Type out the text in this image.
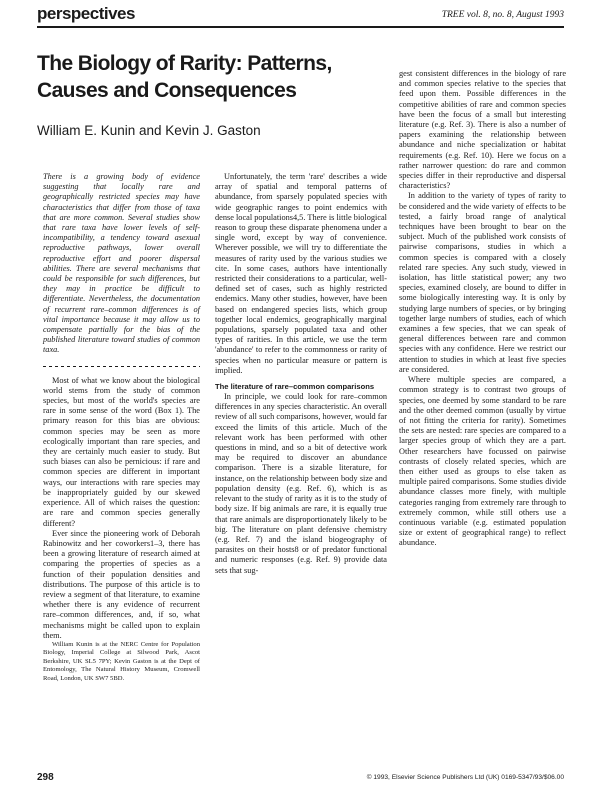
perspectives	TREE vol. 8, no. 8, August 1993
The Biology of Rarity: Patterns, Causes and Consequences
William E. Kunin and Kevin J. Gaston

There is a growing body of evidence suggesting that locally rare and geographically restricted species may have characteristics that differ from those of taxa that are more common. Several studies show that rare taxa have lower levels of self-incompatibility, a tendency toward asexual reproductive pathways, lower overall reproductive effort and poorer dispersal abilities. There are several mechanisms that could be responsible for such differences, but they may in practice be difficult to differentiate. Nevertheless, the documentation of recurrent rare–common differences is of vital importance because it may allow us to compensate partially for the bias of the published literature toward studies of common taxa.

Most of what we know about the biological world stems from the study of common species, but most of the world's species are rare in some sense of the word (Box 1). The primary reason for this bias are obvious: common species may be seen as more ecologically important than rare species, and they are certainly much easier to study. But such biases can also be pernicious: if rare and common species are different in important ways, our interactions with rare species may be inappropriately guided by our skewed experience. All of which raises the question: are rare and common species generally different?

Ever since the pioneering work of Deborah Rabinowitz and her coworkers1–3, there has been a growing literature of research aimed at comparing the properties of species as a function of their population densities and distributions. The purpose of this article is to review a segment of that literature, to examine whether there is any evidence of recurrent rare–common differences, and, if so, what mechanisms might be called upon to explain them.

William Kunin is at the NERC Centre for Population Biology, Imperial College at Silwood Park, Ascot Berkshire, UK SL5 7PY; Kevin Gaston is at the Dept of Entomology, The Natural History Museum, Cromwell Road, London, UK SW7 5BD.

Unfortunately, the term 'rare' describes a wide array of spatial and temporal patterns of abundance, from sparsely populated species with wide geographic ranges to point endemics with dense local populations4,5. There is little biological reason to group these disparate phenomena under a single word, except by way of convenience. Wherever possible, we will try to differentiate the measures of rarity used by the various studies we cite. In some cases, authors have intentionally restricted their considerations to a particular, well-defined set of cases, such as highly restricted endemics. Many other studies, however, have been based on endangered species lists, which group together local endemics, geographically marginal populations, sparsely populated taxa and other types of rarities. In this article, we use the term 'abundance' to refer to the commonness or rarity of species when no particular measure or pattern is implied.

The literature of rare–common comparisons

In principle, we could look for rare–common differences in any species characteristic. An overall review of all such comparisons, however, would far exceed the limits of this article. Much of the relevant work has been performed with other questions in mind, and so a bit of detective work may be required to discover an abundance comparison. There is a sizable literature, for instance, on the relationship between body size and population density (e.g. Ref. 6), which is as relevant to the study of rarity as it is to the study of body size. If big animals are rare, it is equally true that rare animals are disproportionately likely to be big. The literature on plant defensive chemistry (e.g. Ref. 7) and the island biogeography of parasites on their hosts8 or of predator functional and numeric responses (e.g. Ref. 9) provide data sets that sug-

gest consistent differences in the biology of rare and common species relative to the species that feed upon them. Possible differences in the competitive abilities of rare and common species have been the focus of a small but interesting literature (e.g. Ref. 3). There is also a number of papers examining the relationship between abundance and niche specialization or habitat requirements (e.g. Ref. 10). Here we focus on a rather narrower question: do rare and common species differ in their reproductive and dispersal characteristics?

In addition to the variety of types of rarity to be considered and the wide variety of effects to be tested, a fairly broad range of analytical techniques have been brought to bear on the subject. Much of the published work consists of pairwise comparisons, studies in which a common species is compared with a closely related rare species. Any such study, viewed in isolation, has little statistical power; any two species, examined closely, are bound to differ in some biologically interesting way. It is only by studying large numbers of species, or by bringing together large numbers of studies, each of which examines a few species, that we can speak of general differences between rare and common species with any confidence. Here we restrict our attention to studies in which at least five species are considered.

Where multiple species are compared, a common strategy is to contrast two groups of species, one deemed by some standard to be rare and the other deemed common (usually by virtue of not fitting the criteria for rarity). Sometimes the sets are nested: rare species are compared to a larger species group of which they are a part. Other researchers have focussed on pairwise contrasts of closely related species, which are then either used as groups to else taken as multiple paired comparisons. Some studies divide abundance classes more finely, with multiple categories ranging from extremely rare through to extremely common, while still others use a continuous variable (e.g. estimated population size or extent of geographical range) to reflect abundance.

298	© 1993, Elsevier Science Publishers Ltd (UK) 0169-5347/93/$06.00
